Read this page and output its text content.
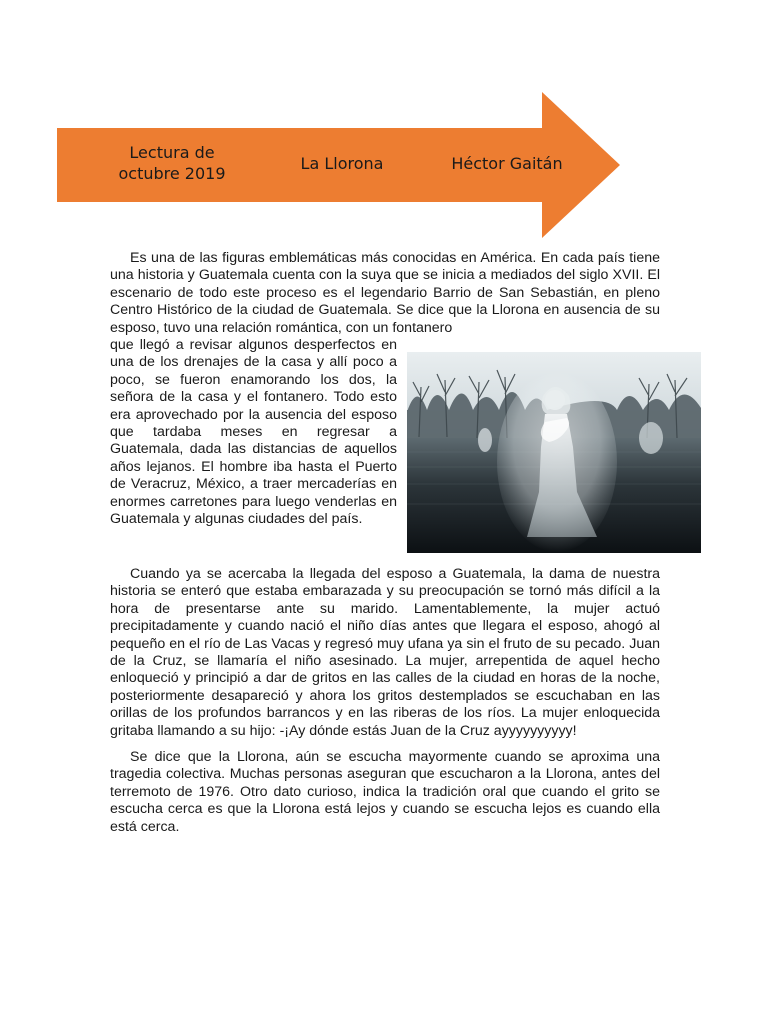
Lectura de octubre 2019
La Llorona	Héctor Gaitán

Es una de las figuras emblemáticas más conocidas en América. En cada país tiene una historia y Guatemala cuenta con la suya que se inicia a mediados del siglo XVII. El escenario de todo este proceso es el legendario Barrio de San Sebastián, en pleno Centro Histórico de la ciudad de Guatemala. Se dice que la Llorona en ausencia de su esposo, tuvo una relación romántica, con un fontanero

que llegó a revisar algunos desperfectos en una de los drenajes de la casa y allí poco a poco, se fueron enamorando los dos, la señora de la casa y el fontanero. Todo esto era aprovechado por la ausencia del esposo que tardaba meses en regresar a Guatemala, dada las distancias de aquellos años lejanos. El hombre iba hasta el Puerto de Veracruz, México, a traer mercaderías en enormes carretones para luego venderlas en Guatemala y algunas ciudades del país.

Cuando ya se acercaba la llegada del esposo a Guatemala, la dama de nuestra historia se enteró que estaba embarazada y su preocupación se tornó más difícil a la hora de presentarse ante su marido. Lamentablemente, la mujer actuó precipitadamente y cuando nació el niño días antes que llegara el esposo, ahogó al pequeño en el río de Las Vacas y regresó muy ufana ya sin el fruto de su pecado. Juan de la Cruz, se llamaría el niño asesinado. La mujer, arrepentida de aquel hecho enloqueció y principió a dar de gritos en las calles de la ciudad en horas de la noche, posteriormente desapareció y ahora los gritos destemplados se escuchaban en las orillas de los profundos barrancos y en las riberas de los ríos. La mujer enloquecida gritaba llamando a su hijo: -¡Ay dónde estás Juan de la Cruz ayyyyyyyyyy!

Se dice que la Llorona, aún se escucha mayormente cuando se aproxima una tragedia colectiva. Muchas personas aseguran que escucharon a la Llorona, antes del terremoto de 1976. Otro dato curioso, indica la tradición oral que cuando el grito se escucha cerca es que la Llorona está lejos y cuando se escucha lejos es cuando ella está cerca.
